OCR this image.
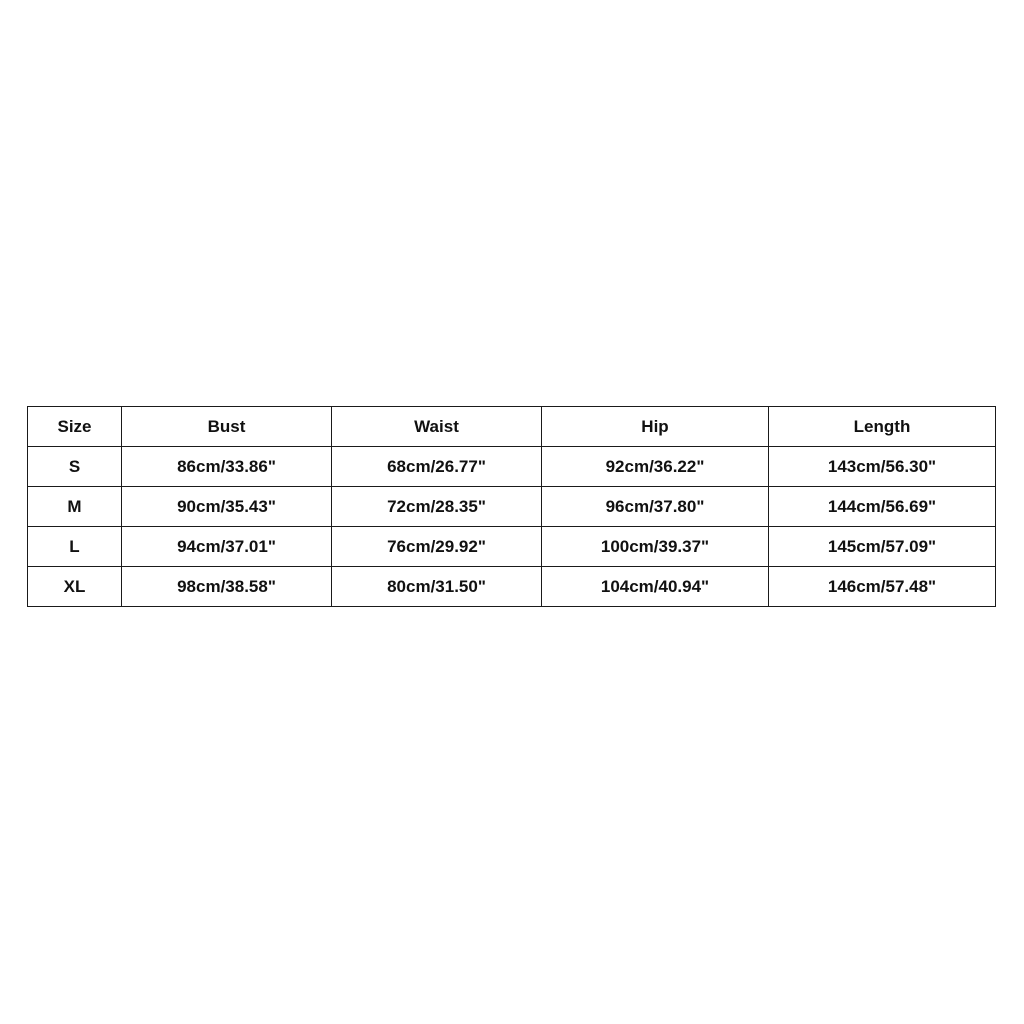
Size	Bust	Waist	Hip	Length
S	86cm/33.86"	68cm/26.77"	92cm/36.22"	143cm/56.30"
M	90cm/35.43"	72cm/28.35"	96cm/37.80"	144cm/56.69"
L	94cm/37.01"	76cm/29.92"	100cm/39.37"	145cm/57.09"
XL	98cm/38.58"	80cm/31.50"	104cm/40.94"	146cm/57.48"
